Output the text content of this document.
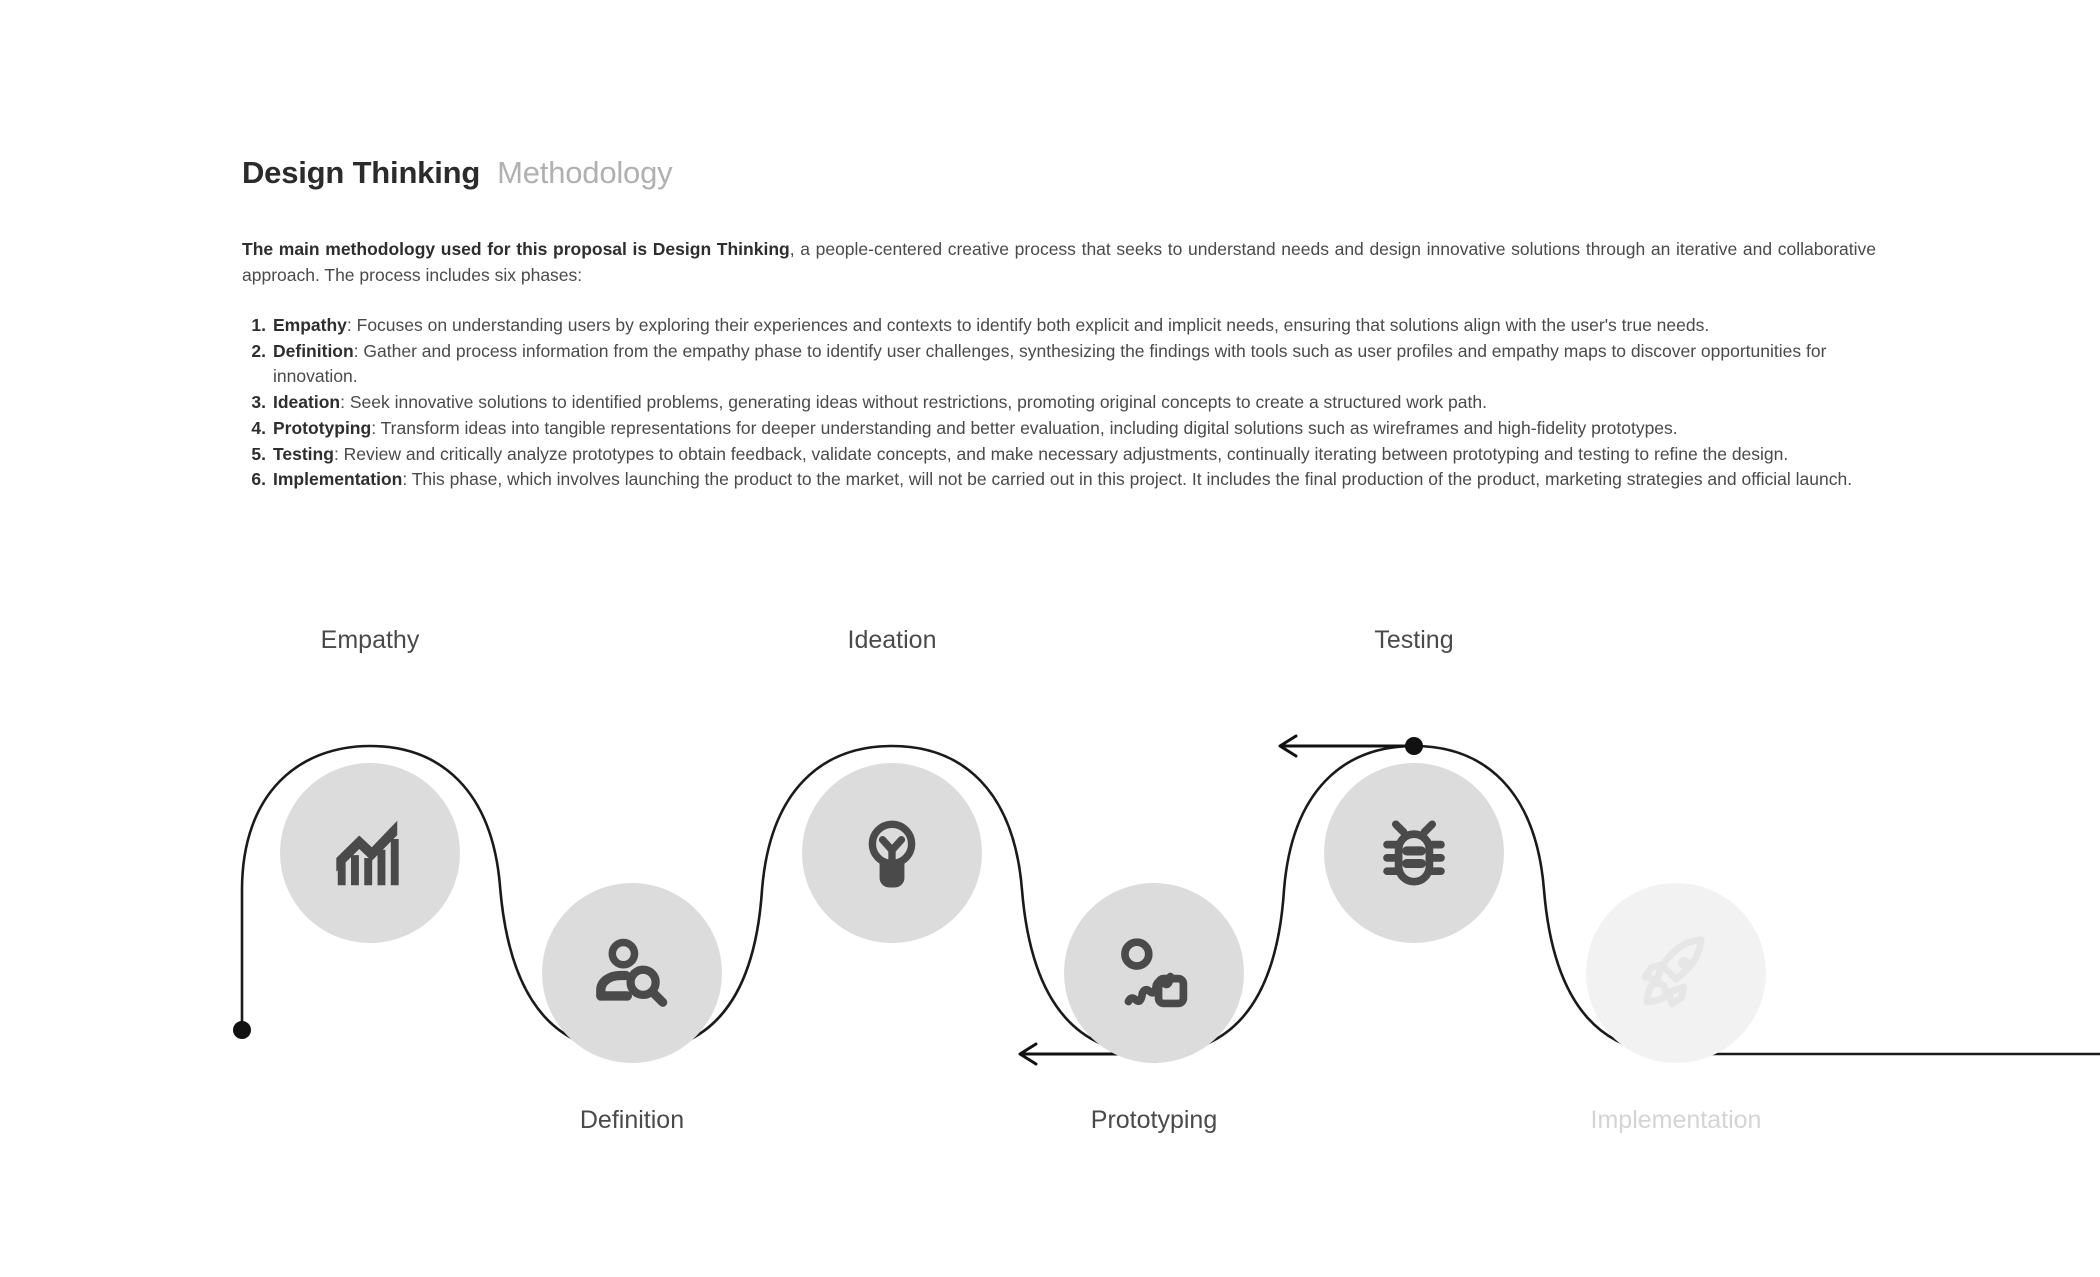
Design Thinking Methodology

The main methodology used for this proposal is Design Thinking, a people-centered creative process that seeks to understand needs and design innovative solutions through an iterative and collaborative approach. The process includes six phases:

Empathy: Focuses on understanding users by exploring their experiences and contexts to identify both explicit and implicit needs, ensuring that solutions align with the user's true needs.
Definition: Gather and process information from the empathy phase to identify user challenges, synthesizing the findings with tools such as user profiles and empathy maps to discover opportunities for innovation.
Ideation: Seek innovative solutions to identified problems, generating ideas without restrictions, promoting original concepts to create a structured work path.
Prototyping: Transform ideas into tangible representations for deeper understanding and better evaluation, including digital solutions such as wireframes and high-fidelity prototypes.
Testing: Review and critically analyze prototypes to obtain feedback, validate concepts, and make necessary adjustments, continually iterating between prototyping and testing to refine the design.
Implementation: This phase, which involves launching the product to the market, will not be carried out in this project. It includes the final production of the product, marketing strategies and official launch.
Empathy
Definition
Ideation
Prototyping
Testing
Implementation
